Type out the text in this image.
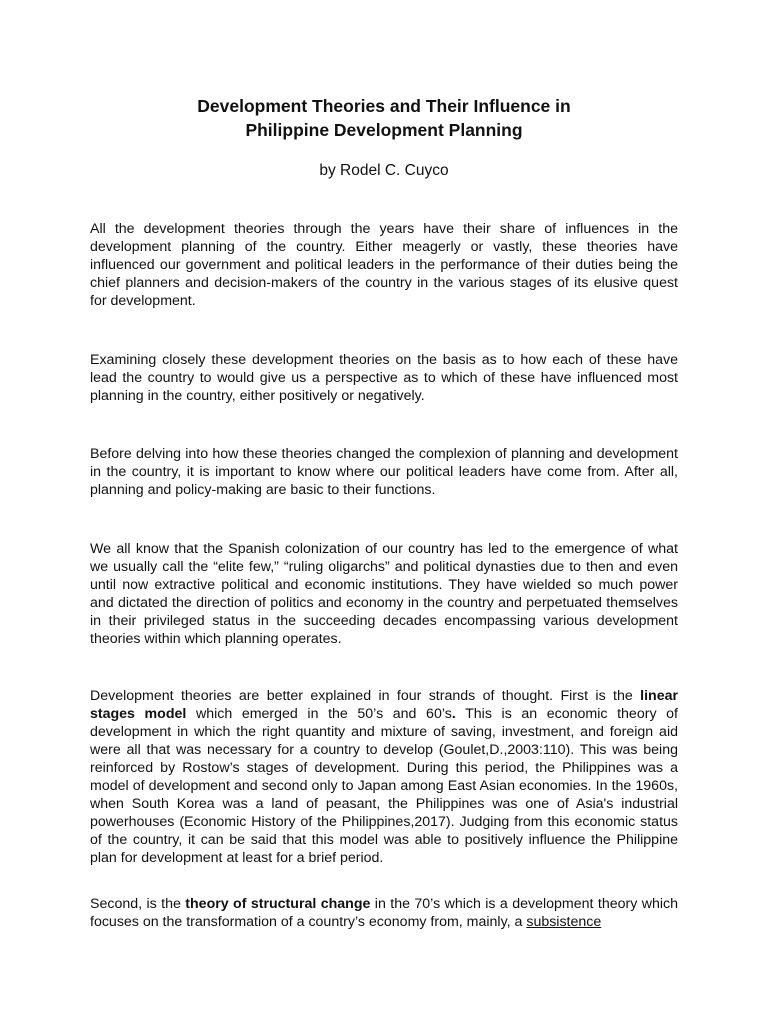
Development Theories and Their Influence in
Philippine Development Planning
by Rodel C. Cuyco

All the development theories through the years have their share of influences in the development planning of the country. Either meagerly or vastly, these theories have influenced our government and political leaders in the performance of their duties being the chief planners and decision-makers of the country in the various stages of its elusive quest for development.

Examining closely these development theories on the basis as to how each of these have lead the country to would give us a perspective as to which of these have influenced most planning in the country, either positively or negatively.

Before delving into how these theories changed the complexion of planning and development in the country, it is important to know where our political leaders have come from. After all, planning and policy-making are basic to their functions.

We all know that the Spanish colonization of our country has led to the emergence of what we usually call the “elite few,” “ruling oligarchs” and political dynasties due to then and even until now extractive political and economic institutions. They have wielded so much power and dictated the direction of politics and economy in the country and perpetuated themselves in their privileged status in the succeeding decades encompassing various development theories within which planning operates.

Development theories are better explained in four strands of thought. First is the linear stages model which emerged in the 50’s and 60’s. This is an economic theory of development in which the right quantity and mixture of saving, investment, and foreign aid were all that was necessary for a country to develop (Goulet,D.,2003:110). This was being reinforced by Rostow’s stages of development. During this period, the Philippines was a model of development and second only to Japan among East Asian economies. In the 1960s, when South Korea was a land of peasant, the Philippines was one of Asia's industrial powerhouses (Economic History of the Philippines,2017). Judging from this economic status of the country, it can be said that this model was able to positively influence the Philippine plan for development at least for a brief period.

Second, is the theory of structural change in the 70’s which is a development theory which focuses on the transformation of a country’s economy from, mainly, a subsistence
